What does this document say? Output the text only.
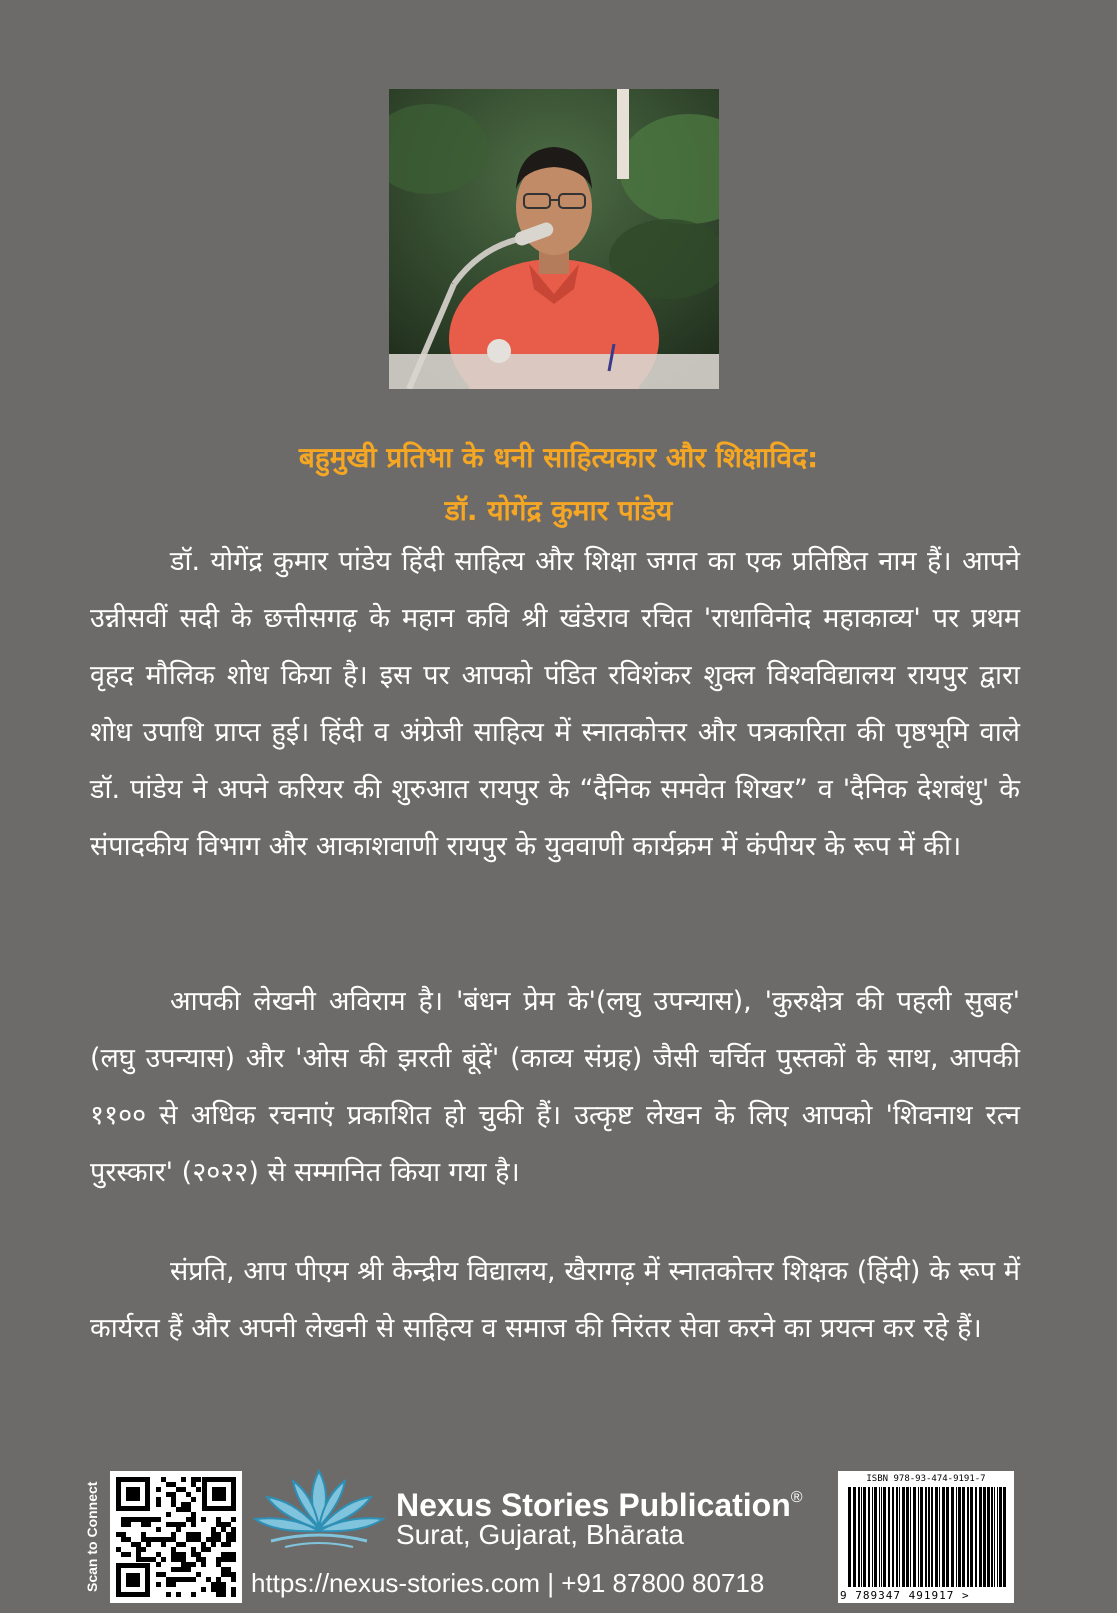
बहुमुखी प्रतिभा के धनी साहित्यकार और शिक्षाविद:
डॉ. योगेंद्र कुमार पांडेय

डॉ. योगेंद्र कुमार पांडेय हिंदी साहित्य और शिक्षा जगत का एक प्रतिष्ठित नाम हैं। आपने उन्नीसवीं सदी के छत्तीसगढ़ के महान कवि श्री खंडेराव रचित 'राधाविनोद महाकाव्य' पर प्रथम वृहद मौलिक शोध किया है। इस पर आपको पंडित रविशंकर शुक्ल विश्वविद्यालय रायपुर द्वारा शोध उपाधि प्राप्त हुई। हिंदी व अंग्रेजी साहित्य में स्नातकोत्तर और पत्रकारिता की पृष्ठभूमि वाले डॉ. पांडेय ने अपने करियर की शुरुआत रायपुर के “दैनिक समवेत शिखर” व 'दैनिक देशबंधु' के संपादकीय विभाग और आकाशवाणी रायपुर के युववाणी कार्यक्रम में कंपीयर के रूप में की।

आपकी लेखनी अविराम है। 'बंधन प्रेम के'(लघु उपन्यास), 'कुरुक्षेत्र की पहली सुबह' (लघु उपन्यास) और 'ओस की झरती बूंदें' (काव्य संग्रह) जैसी चर्चित पुस्तकों के साथ, आपकी ११०० से अधिक रचनाएं प्रकाशित हो चुकी हैं। उत्कृष्ट लेखन के लिए आपको 'शिवनाथ रत्न पुरस्कार' (२०२२) से सम्मानित किया गया है।

संप्रति, आप पीएम श्री केन्द्रीय विद्यालय, खैरागढ़ में स्नातकोत्तर शिक्षक (हिंदी) के रूप में कार्यरत हैं और अपनी लेखनी से साहित्य व समाज की निरंतर सेवा करने का प्रयत्न कर रहे हैं।

Scan to Connect	Nexus Stories Publication®
Surat, Gujarat, Bhārata
https://nexus-stories.com | +91 87800 80718
ISBN 978-93-474-9191-7
9 789347 491917 >
